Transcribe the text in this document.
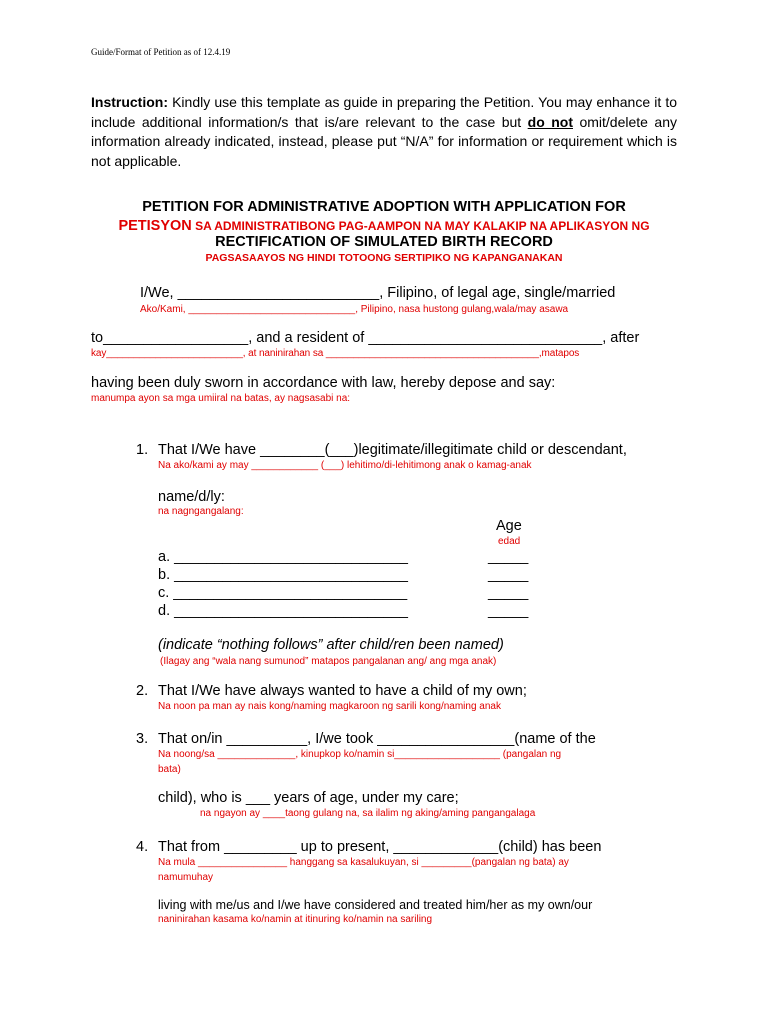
Guide/Format of Petition as of 12.4.19
Instruction: Kindly use this template as guide in preparing the Petition. You may enhance it to include additional information/s that is/are relevant to the case but do not omit/delete any information already indicated, instead, please put “N/A” for information or requirement which is not applicable.
PETITION FOR ADMINISTRATIVE ADOPTION WITH APPLICATION FOR
PETISYON SA ADMINISTRATIBONG PAG-AAMPON NA MAY KALAKIP NA APLIKASYON NG
RECTIFICATION OF SIMULATED BIRTH RECORD
PAGSASAAYOS NG HINDI TOTOONG SERTIPIKO NG KAPANGANAKAN
I/We, _________________________, Filipino, of legal age, single/married
Ako/Kami, ______________________________, Pilipino, nasa hustong gulang,wala/may asawa
to__________________, and a resident of _____________________________, after
kay_________________________, at naninirahan sa _______________________________________,matapos
having been duly sworn in accordance with law, hereby depose and say:
manumpa ayon sa mga umiiral na batas, ay nagsasabi na:
1. That I/We have ________(___)legitimate/illegitimate child or descendant,
Na ako/kami ay may ____________ (___) lehitimo/di-lehitimong anak o kamag-anak
name/d/ly:
na nagngangalang:
Age
edad
a. _____________________________	_____
b. _____________________________	_____
c. _____________________________	_____
d. _____________________________	_____
(indicate “nothing follows” after child/ren been named)
(Ilagay ang “wala nang sumunod” matapos pangalanan ang/ ang mga anak)
2. That I/We have always wanted to have a child of my own;
Na noon pa man ay nais kong/naming magkaroon ng sarili kong/naming anak
3. That on/in __________, I/we took _________________(name of the
Na noong/sa ______________, kinupkop ko/namin si___________________ (pangalan ng
bata)
child), who is ___ years of age, under my care;
na ngayon ay ____taong gulang na, sa ilalim ng aking/aming pangangalaga
4. That from _________ up to present, _____________(child) has been
Na mula ________________ hanggang sa kasalukuyan, si _________(pangalan ng bata) ay
namumuhay
living with me/us and I/we have considered and treated him/her as my own/our
naninirahan kasama ko/namin at itinuring ko/namin na sariling
